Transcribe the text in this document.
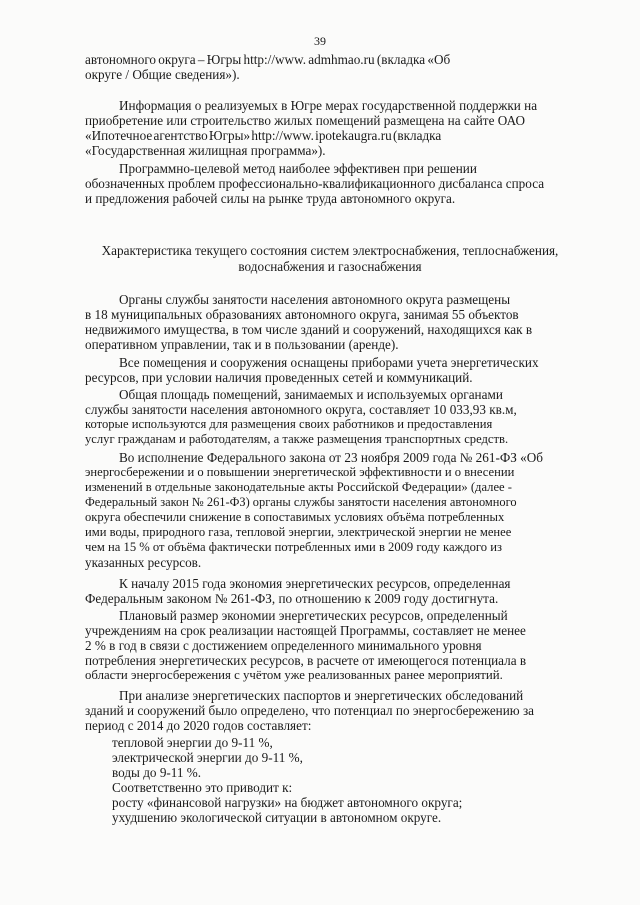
39
автономного округа – Югры http://www. admhmao.ru (вкладка «Об
округе / Общие сведения»).
Информация о реализуемых в Югре мерах государственной поддержки на
приобретение или строительство жилых помещений размещена на сайте ОАО
«Ипотечное агентство Югры» http://www. ipotekaugra.ru (вкладка
«Государственная жилищная программа»).
Программно-целевой метод наиболее эффективен при решении
обозначенных проблем профессионально-квалификационного дисбаланса спроса
и предложения рабочей силы на рынке труда автономного округа.
Характеристика текущего состояния систем электроснабжения, теплоснабжения,
водоснабжения и газоснабжения
Органы службы занятости населения автономного округа размещены
в 18 муниципальных образованиях автономного округа, занимая 55 объектов
недвижимого имущества, в том числе зданий и сооружений, находящихся как в
оперативном управлении, так и в пользовании (аренде).
Все помещения и сооружения оснащены приборами учета энергетических
ресурсов, при условии наличия проведенных сетей и коммуникаций.
Общая площадь помещений, занимаемых и используемых органами
службы занятости населения автономного округа, составляет 10 033,93 кв.м,
которые используются для размещения своих работников и предоставления
услуг гражданам и работодателям, а также размещения транспортных средств.
Во исполнение Федерального закона от 23 ноября 2009 года № 261-ФЗ «Об
энергосбережении и о повышении энергетической эффективности и о внесении
изменений в отдельные законодательные акты Российской Федерации» (далее -
Федеральный закон № 261-ФЗ) органы службы занятости населения автономного
округа обеспечили снижение в сопоставимых условиях объёма потребленных
ими воды, природного газа, тепловой энергии, электрической энергии не менее
чем на 15 % от объёма фактически потребленных ими в 2009 году каждого из
указанных ресурсов.
К началу 2015 года экономия энергетических ресурсов, определенная
Федеральным законом № 261-ФЗ, по отношению к 2009 году достигнута.
Плановый размер экономии энергетических ресурсов, определенный
учреждениям на срок реализации настоящей Программы, составляет не менее
2 % в год в связи с достижением определенного минимального уровня
потребления энергетических ресурсов, в расчете от имеющегося потенциала в
области энергосбережения с учётом уже реализованных ранее мероприятий.
При анализе энергетических паспортов и энергетических обследований
зданий и сооружений было определено, что потенциал по энергосбережению за
период с 2014 до 2020 годов составляет:
тепловой энергии до 9-11 %,
электрической энергии до 9-11 %,
воды до 9-11 %.
Соответственно это приводит к:
росту «финансовой нагрузки» на бюджет автономного округа;
ухудшению экологической ситуации в автономном округе.
